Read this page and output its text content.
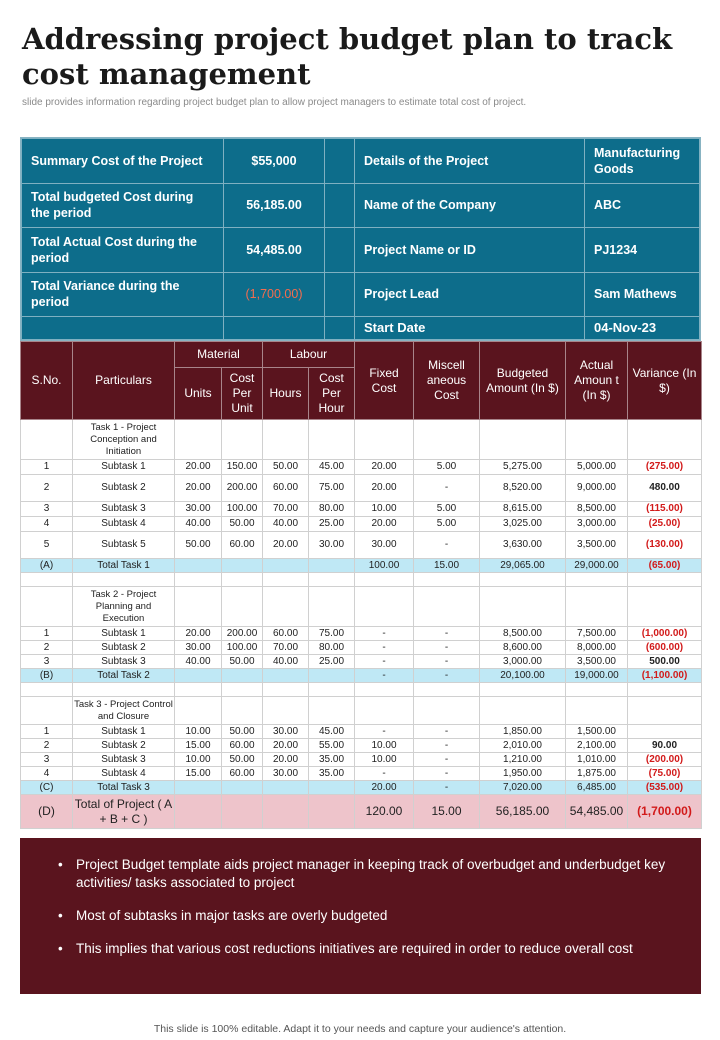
Addressing project budget plan to track cost management
slide provides information regarding project budget plan to allow project managers to estimate total cost of project.
Summary Cost of the Project	$55,000		Details of the Project	Manufacturing Goods
Total budgeted Cost during the period	56,185.00		Name of the Company	ABC
Total Actual Cost during the period	54,485.00		Project Name or ID	PJ1234
Total Variance during the period	(1,700.00)		Project Lead	Sam Mathews
			Start Date	04-Nov-23
S.No.	Particulars	Material		Labour		Fixed Cost	Miscell aneous Cost	Budgeted Amount (In $)	Actual Amoun t (In $)	Variance (In $)
		Units	Cost Per Unit	Hours	Cost Per Hour					
	Task 1 - Project Conception and Initiation									
1	Subtask 1	20.00	150.00	50.00	45.00	20.00	5.00	5,275.00	5,000.00	(275.00)
2	Subtask 2	20.00	200.00	60.00	75.00	20.00	-	8,520.00	9,000.00	480.00
3	Subtask 3	30.00	100.00	70.00	80.00	10.00	5.00	8,615.00	8,500.00	(115.00)
4	Subtask 4	40.00	50.00	40.00	25.00	20.00	5.00	3,025.00	3,000.00	(25.00)
5	Subtask 5	50.00	60.00	20.00	30.00	30.00	-	3,630.00	3,500.00	(130.00)
(A)	Total Task 1					100.00	15.00	29,065.00	29,000.00	(65.00)

	Task 2 - Project Planning and Execution									
1	Subtask 1	20.00	200.00	60.00	75.00	-	-	8,500.00	7,500.00	(1,000.00)
2	Subtask 2	30.00	100.00	70.00	80.00	-	-	8,600.00	8,000.00	(600.00)
3	Subtask 3	40.00	50.00	40.00	25.00	-	-	3,000.00	3,500.00	500.00
(B)	Total Task 2					-	-	20,100.00	19,000.00	(1,100.00)

	Task 3 - Project Control and Closure									
1	Subtask 1	10.00	50.00	30.00	45.00	-	-	1,850.00	1,500.00	
2	Subtask 2	15.00	60.00	20.00	55.00	10.00	-	2,010.00	2,100.00	90.00
3	Subtask 3	10.00	50.00	20.00	35.00	10.00	-	1,210.00	1,010.00	(200.00)
4	Subtask 4	15.00	60.00	30.00	35.00	-	-	1,950.00	1,875.00	(75.00)
(C)	Total Task 3					20.00	-	7,020.00	6,485.00	(535.00)
(D)	Total of Project ( A + B + C )					120.00	15.00	56,185.00	54,485.00	(1,700.00)
• Project Budget template aids project manager in keeping track of overbudget and underbudget key activities/ tasks associated to project
• Most of subtasks in major tasks are overly budgeted
• This implies that various cost reductions initiatives are required in order to reduce overall cost
This slide is 100% editable. Adapt it to your needs and capture your audience's attention.
